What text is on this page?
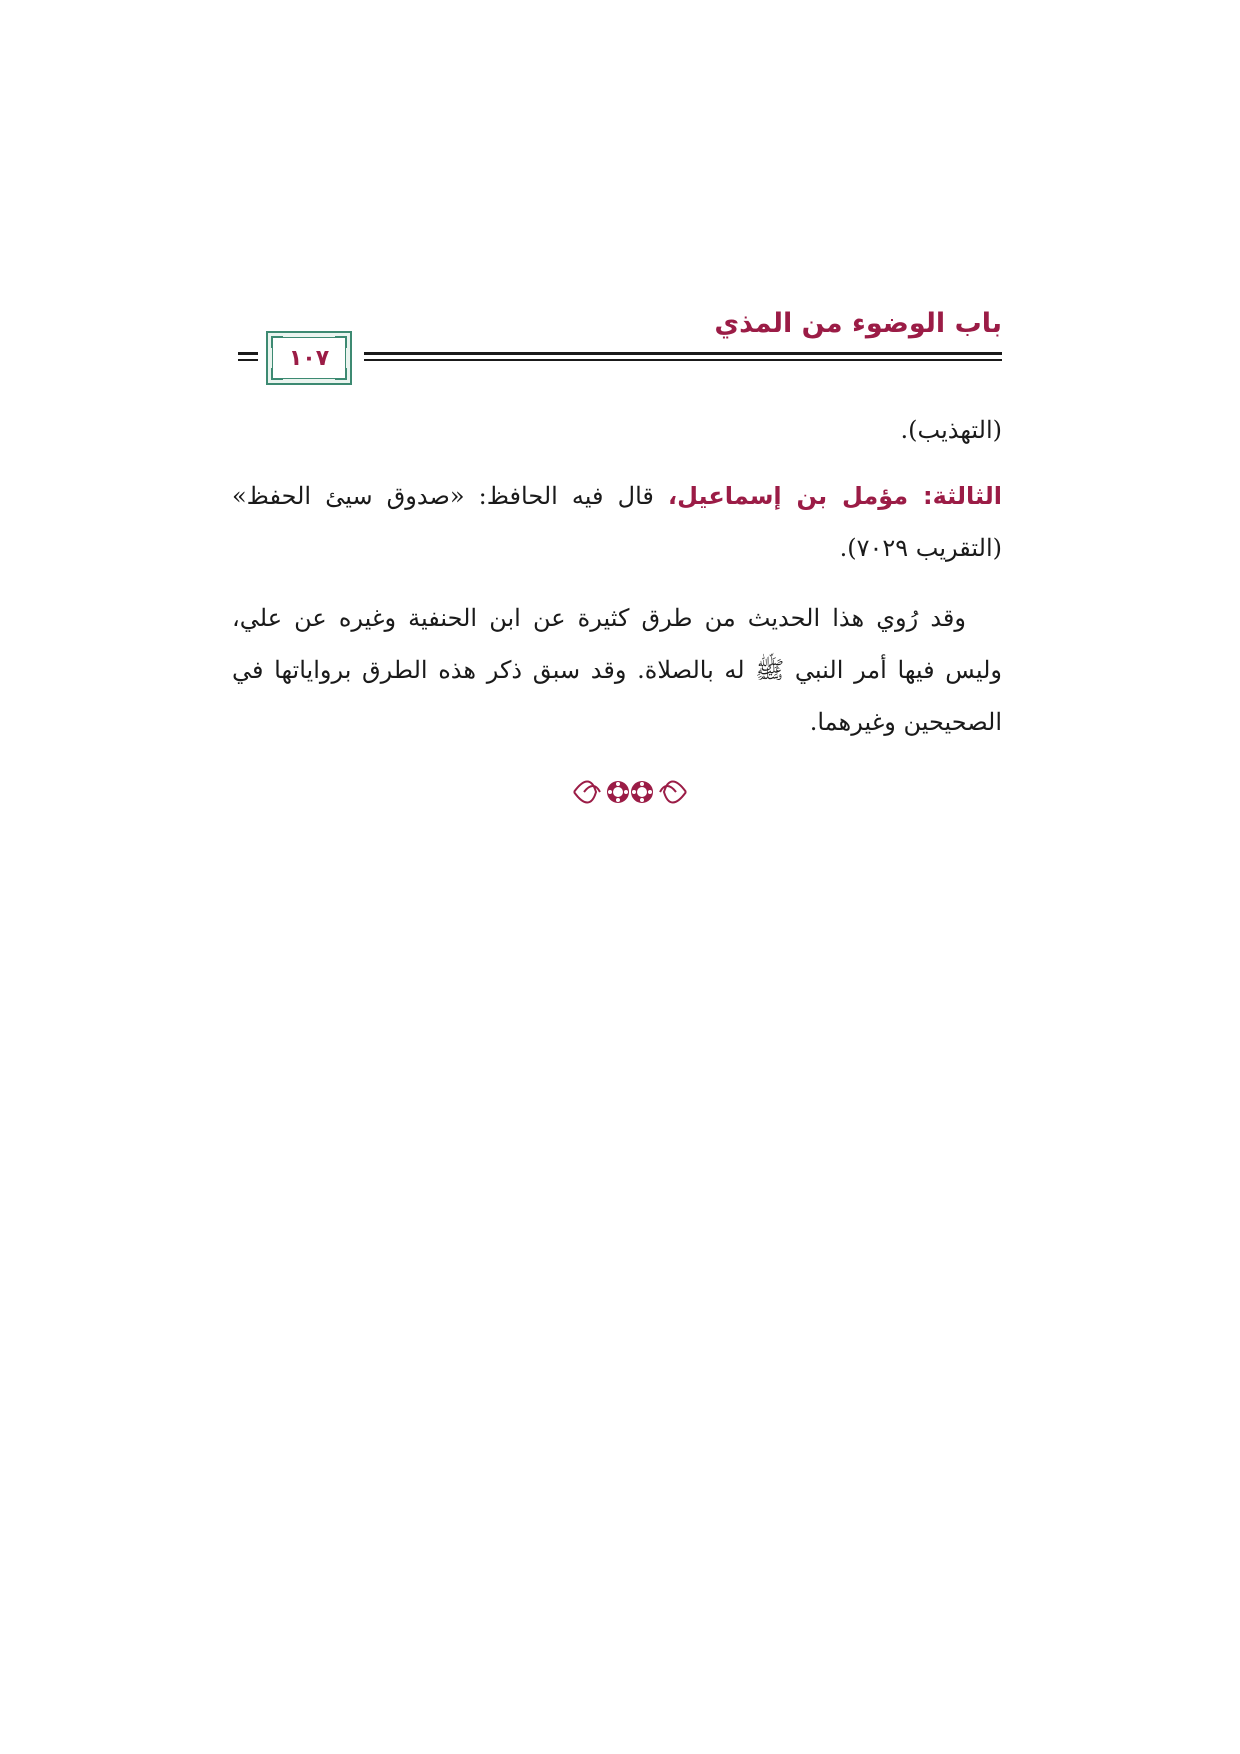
باب الوضوء من المذي
١٠٧
(التهذيب).
الثالثة: مؤمل بن إسماعيل، قال فيه الحافظ: «صدوق سيئ الحفظ» (التقريب ٧٠٢٩).
وقد رُوي هذا الحديث من طرق كثيرة عن ابن الحنفية وغيره عن علي، وليس فيها أمر النبي ﷺ له بالصلاة. وقد سبق ذكر هذه الطرق برواياتها في الصحيحين وغيرهما.
